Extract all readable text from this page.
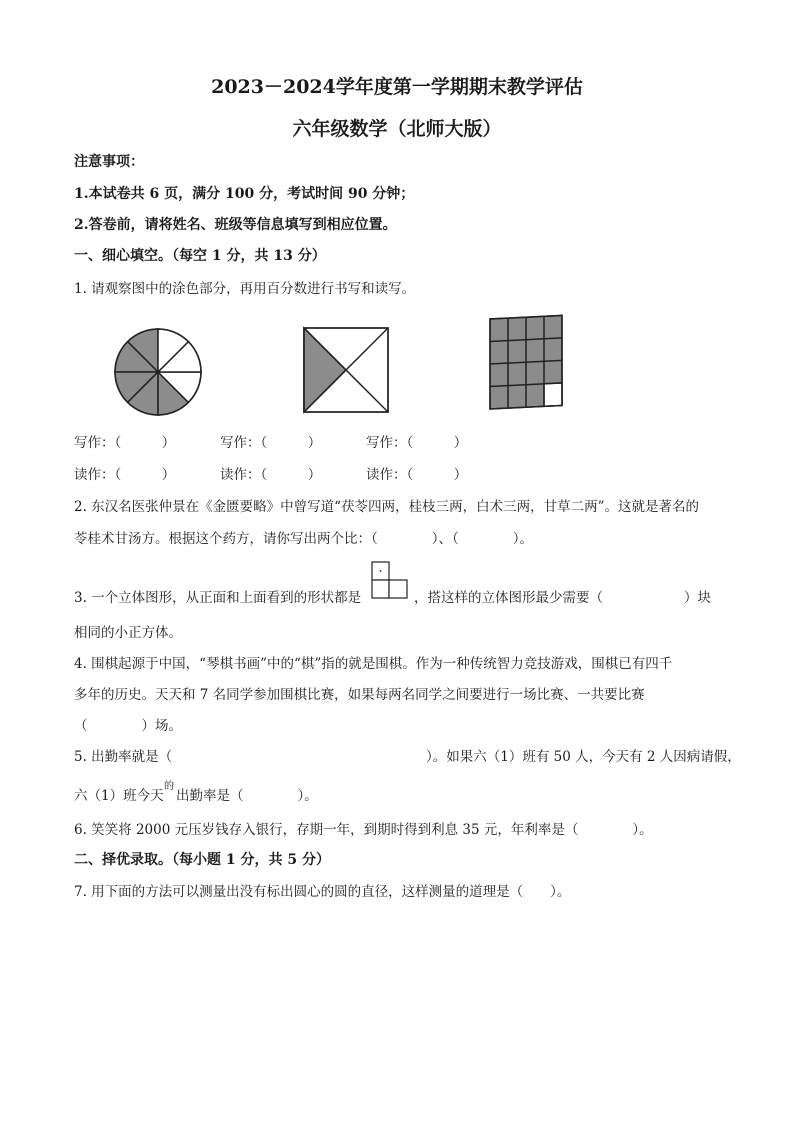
2023－2024学年度第一学期期末教学评估
六年级数学（北师大版）
注意事项：
1.本试卷共 6 页，满分 100 分，考试时间 90 分钟；
2.答卷前，请将姓名、班级等信息填写到相应位置。
一、细心填空。（每空 1 分，共 13 分）
1. 请观察图中的涂色部分，再用百分数进行书写和读写。
写作：（　　　）	写作：（　　　）	写作：（　　　）
读作：（　　　）	读作：（　　　）	读作：（　　　）
2. 东汉名医张仲景在《金匮要略》中曾写道“茯苓四两，桂枝三两，白术三两，甘草二两”。这就是著名的
苓桂术甘汤方。根据这个药方，请你写出两个比：（　　　　）、（　　　　）。
3. 一个立体图形，从正面和上面看到的形状都是	，搭这样的立体图形最少需要（　　　　　　）块
相同的小正方体。
4. 围棋起源于中国，“琴棋书画”中的“棋”指的就是围棋。作为一种传统智力竞技游戏，围棋已有四千
多年的历史。天天和 7 名同学参加围棋比赛，如果每两名同学之间要进行一场比赛、一共要比赛
（　　　　）场。
5. 出勤率就是（	）。如果六（1）班有 50 人，今天有 2 人因病请假，
六（1）班今天
的
出勤率是（　　　　）。
6. 笑笑将 2000 元压岁钱存入银行，存期一年，到期时得到利息 35 元，年利率是（　　　　）。
二、择优录取。（每小题 1 分，共 5 分）
7. 用下面的方法可以测量出没有标出圆心的圆的直径，这样测量的道理是（　　）。
